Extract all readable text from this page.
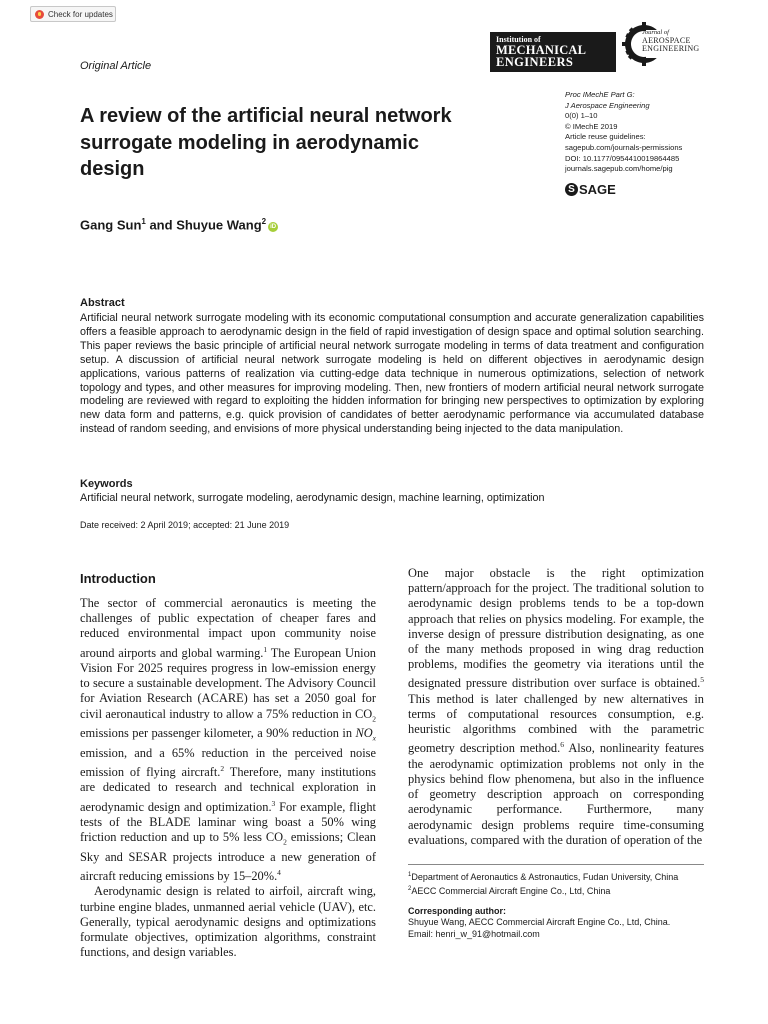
Check for updates
Original Article
Institution of
MECHANICAL
ENGINEERS
Journal of
AEROSPACE
ENGINEERING
Proc IMechE Part G:
J Aerospace Engineering
0(0) 1–10
© IMechE 2019
Article reuse guidelines:
sagepub.com/journals-permissions
DOI: 10.1177/0954410019864485
journals.sagepub.com/home/pig
S SAGE
A review of the artificial neural network surrogate modeling in aerodynamic design
Gang Sun$^1$ and Shuyue Wang$^2$iD
Abstract
Artificial neural network surrogate modeling with its economic computational consumption and accurate generalization capabilities offers a feasible approach to aerodynamic design in the field of rapid investigation of design space and optimal solution searching. This paper reviews the basic principle of artificial neural network surrogate modeling in terms of data treatment and configuration setup. A discussion of artificial neural network surrogate modeling is held on different objectives in aerodynamic design applications, various patterns of realization via cutting-edge data technique in numerous optimizations, selection of network topology and types, and other measures for improving modeling. Then, new frontiers of modern artificial neural network surrogate modeling are reviewed with regard to exploiting the hidden information for bringing new perspectives to optimization by exploring new data form and patterns, e.g. quick provision of candidates of better aerodynamic performance via accumulated database instead of random seeding, and envisions of more physical understanding being injected to the data manipulation.
Keywords
Artificial neural network, surrogate modeling, aerodynamic design, machine learning, optimization
Date received: 2 April 2019; accepted: 21 June 2019
Introduction

The sector of commercial aeronautics is meeting the challenges of public expectation of cheaper fares and reduced environmental impact upon community noise around airports and global warming.$^1$ The European Union Vision For 2025 requires progress in low-emission energy to secure a sustainable development. The Advisory Council for Aviation Research (ACARE) has set a 2050 goal for civil aeronautical industry to allow a 75% reduction in $CO_2$ emissions per passenger kilometer, a 90% reduction in $NO_x$ emission, and a 65% reduction in the perceived noise emission of flying aircraft.$^2$ Therefore, many institutions are dedicated to research and technical exploration in aerodynamic design and optimization.$^3$ For example, flight tests of the BLADE laminar wing boast a 50% wing friction reduction and up to 5% less $CO_2$ emissions; Clean Sky and SESAR projects introduce a new generation of aircraft reducing emissions by 15–20%.$^4$

Aerodynamic design is related to airfoil, aircraft wing, turbine engine blades, unmanned aerial vehicle (UAV), etc. Generally, typical aerodynamic designs and optimizations formulate objectives, optimization algorithms, constraint functions, and design variables.

One major obstacle is the right optimization pattern/approach for the project. The traditional solution to aerodynamic design problems tends to be a top-down approach that relies on physics modeling. For example, the inverse design of pressure distribution designating, as one of the many methods proposed in wing drag reduction problems, modifies the geometry via iterations until the designated pressure distribution over surface is obtained.$^5$ This method is later challenged by new alternatives in terms of computational resources consumption, e.g. heuristic algorithms combined with the parametric geometry description method.$^6$ Also, nonlinearity features the aerodynamic optimization problems not only in the physics behind flow phenomena, but also in the influence of geometry description approach on corresponding aerodynamic performance. Furthermore, many aerodynamic design problems require time-consuming evaluations, compared with the duration of operation of the

$^1$Department of Aeronautics & Astronautics, Fudan University, China
$^2$AECC Commercial Aircraft Engine Co., Ltd, China
Corresponding author:
Shuyue Wang, AECC Commercial Aircraft Engine Co., Ltd, China.
Email: henri_w_91@hotmail.com
